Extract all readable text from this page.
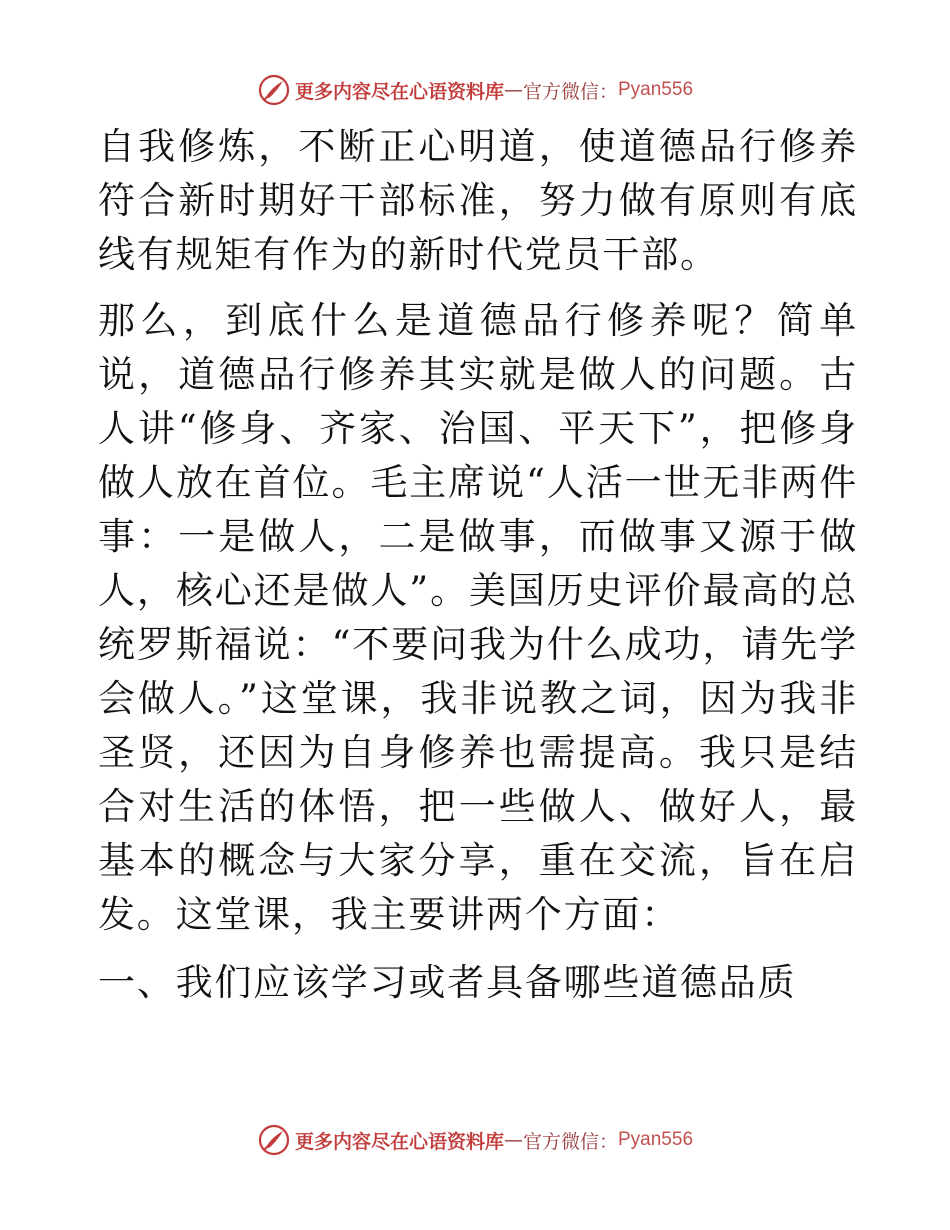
更多内容尽在心语资料库 — 官方微信： Pyan556

自我修炼，不断正心明道，使道德品行修养符合新时期好干部标准，努力做有原则有底线有规矩有作为的新时代党员干部。

那么，到底什么是道德品行修养呢？简单说，道德品行修养其实就是做人的问题。古人讲“修身、齐家、治国、平天下”，把修身做人放在首位。毛主席说“人活一世无非两件事：一是做人，二是做事，而做事又源于做人，核心还是做人”。美国历史评价最高的总统罗斯福说：“不要问我为什么成功，请先学会做人。”这堂课，我非说教之词，因为我非圣贤，还因为自身修养也需提高。我只是结合对生活的体悟，把一些做人、做好人，最基本的概念与大家分享，重在交流，旨在启发。这堂课，我主要讲两个方面：

一、我们应该学习或者具备哪些道德品质

更多内容尽在心语资料库 — 官方微信： Pyan556
